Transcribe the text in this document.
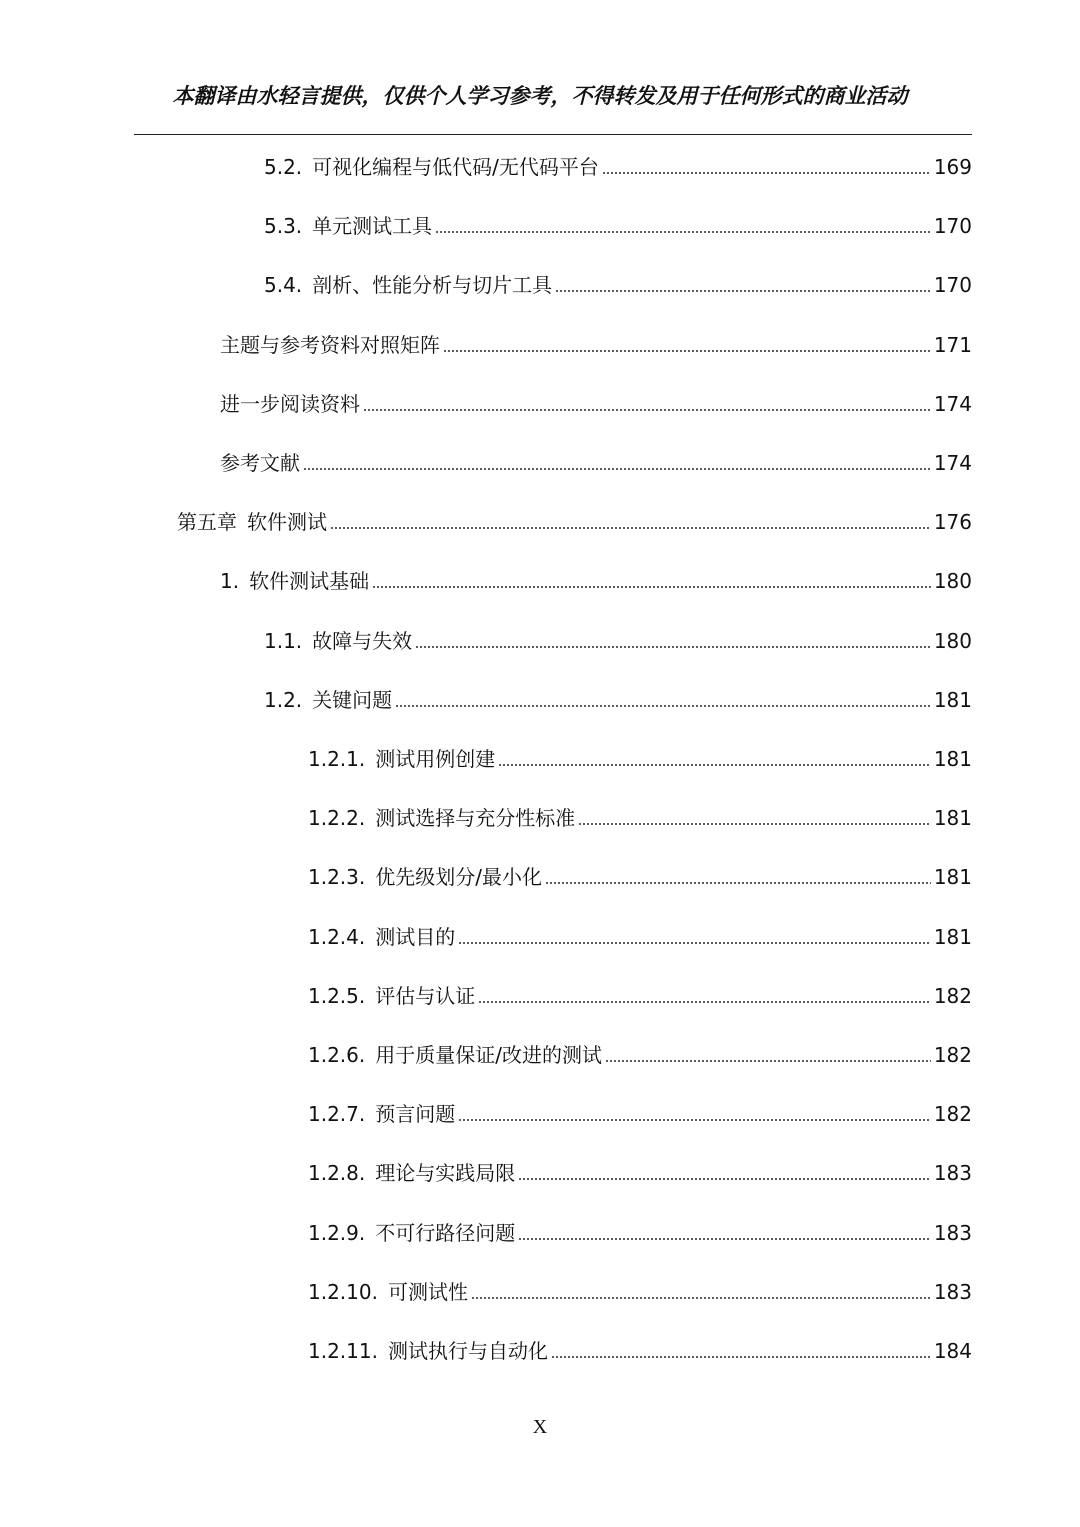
本翻译由水轻言提供，仅供个人学习参考，不得转发及用于任何形式的商业活动
5.2. 可视化编程与低代码/无代码平台	169
5.3. 单元测试工具	170
5.4. 剖析、性能分析与切片工具	170
主题与参考资料对照矩阵	171
进一步阅读资料	174
参考文献	174
第五章 软件测试	176
1. 软件测试基础	180
1.1. 故障与失效	180
1.2. 关键问题	181
1.2.1. 测试用例创建	181
1.2.2. 测试选择与充分性标准	181
1.2.3. 优先级划分/最小化	181
1.2.4. 测试目的	181
1.2.5. 评估与认证	182
1.2.6. 用于质量保证/改进的测试	182
1.2.7. 预言问题	182
1.2.8. 理论与实践局限	183
1.2.9. 不可行路径问题	183
1.2.10. 可测试性	183
1.2.11. 测试执行与自动化	184
X
